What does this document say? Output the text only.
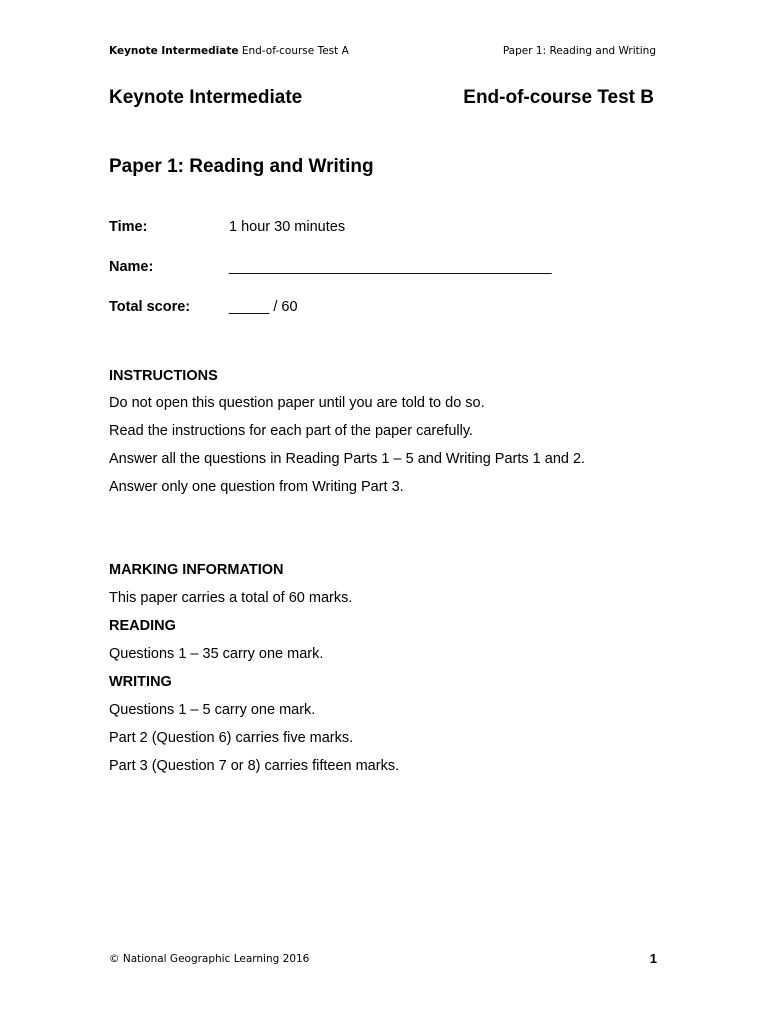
Keynote Intermediate End-of-course Test A	Paper 1: Reading and Writing
Keynote Intermediate	End-of-course Test B
Paper 1: Reading and Writing
Time:	1 hour 30 minutes
Name:	________________________________________
Total score:	_____ / 60
INSTRUCTIONS
Do not open this question paper until you are told to do so.
Read the instructions for each part of the paper carefully.
Answer all the questions in Reading Parts 1 – 5 and Writing Parts 1 and 2.
Answer only one question from Writing Part 3.
MARKING INFORMATION
This paper carries a total of 60 marks.
READING
Questions 1 – 35 carry one mark.
WRITING
Questions 1 – 5 carry one mark.
Part 2 (Question 6) carries five marks.
Part 3 (Question 7 or 8) carries fifteen marks.
© National Geographic Learning 2016	1
